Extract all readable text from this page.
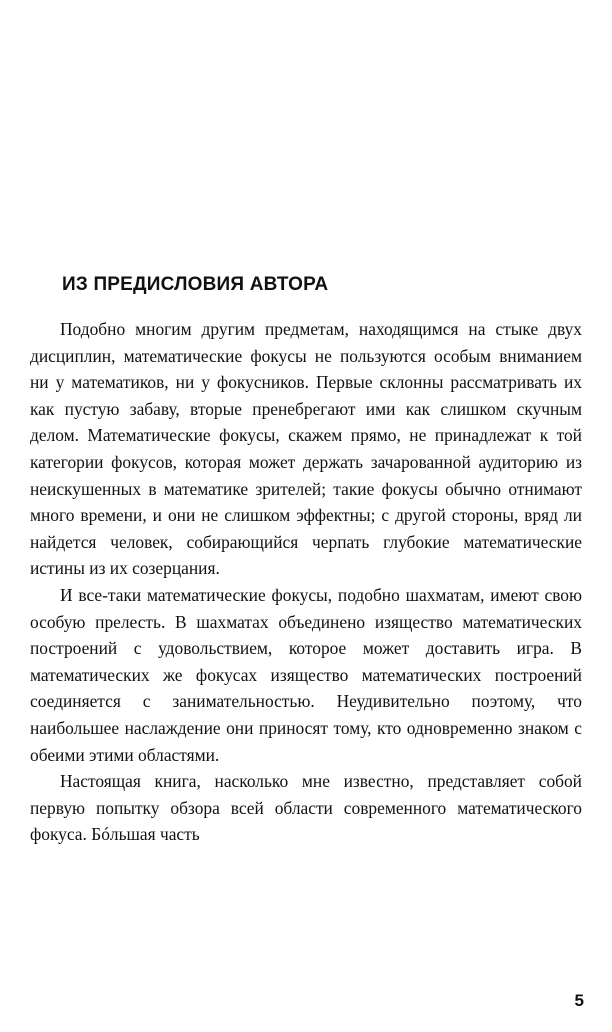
ИЗ ПРЕДИСЛОВИЯ АВТОРА

Подобно многим другим предметам, находящимся на стыке двух дисциплин, математические фокусы не пользуются особым вниманием ни у математиков, ни у фокусников. Первые склонны рассматривать их как пустую забаву, вторые пренебрегают ими как слишком скучным делом. Математические фокусы, скажем прямо, не принадлежат к той категории фокусов, которая может держать зачарованной аудиторию из неискушенных в математике зрителей; такие фокусы обычно отнимают много времени, и они не слишком эффектны; с другой стороны, вряд ли найдется человек, собирающийся черпать глубокие математические истины из их созерцания.

И все-таки математические фокусы, подобно шахматам, имеют свою особую прелесть. В шахматах объединено изящество математических построений с удовольствием, которое может доставить игра. В математических же фокусах изящество математических построений соединяется с занимательностью. Неудивительно поэтому, что наибольшее наслаждение они приносят тому, кто одновременно знаком с обеими этими областями.

Настоящая книга, насколько мне известно, представляет собой первую попытку обзора всей области современного математического фокуса. Бóльшая часть

5
